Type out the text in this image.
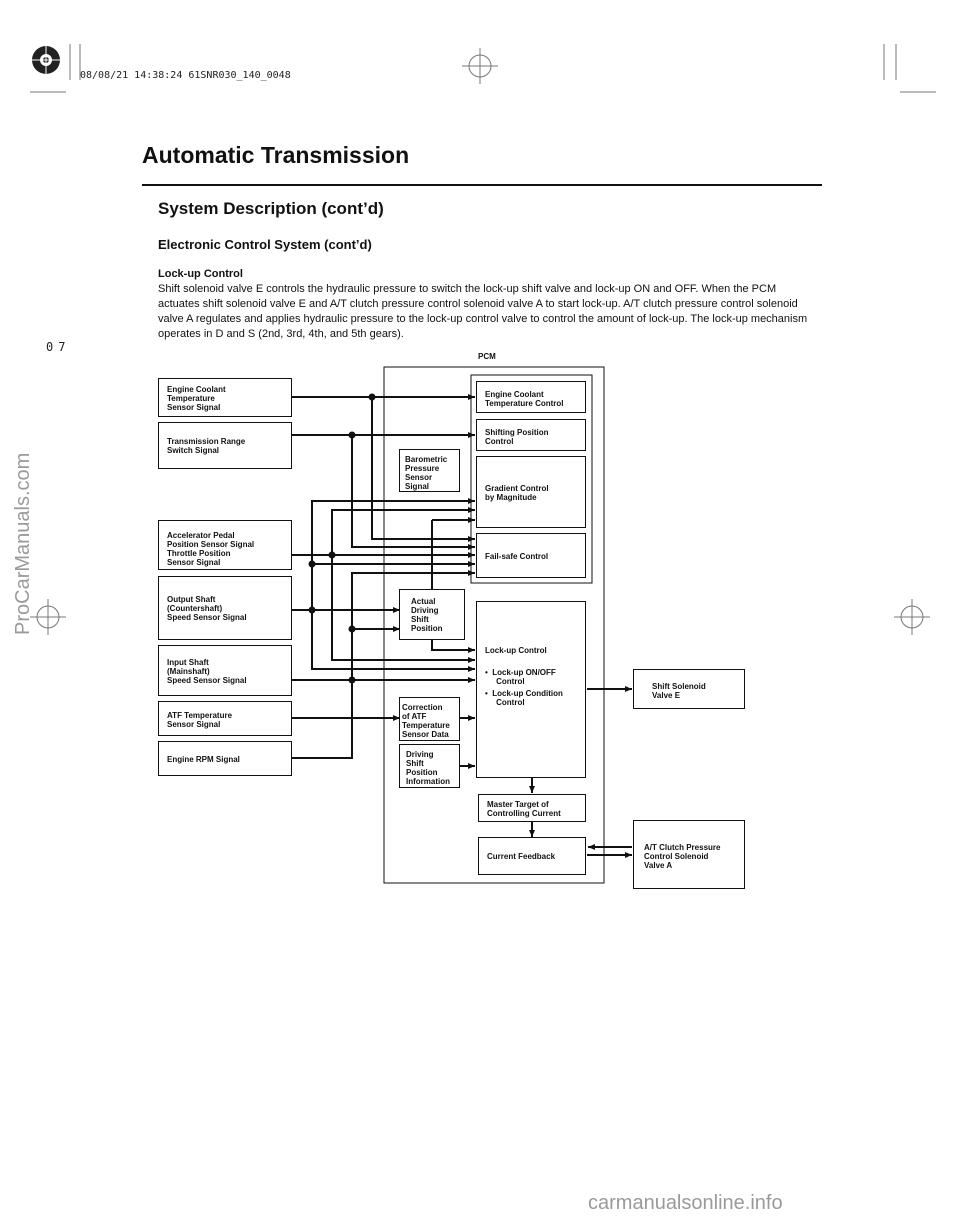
08/08/21 14:38:24 61SNR030_140_0048
07
Automatic Transmission
System Description (cont’d)
Electronic Control System (cont’d)
Lock-up Control
Shift solenoid valve E controls the hydraulic pressure to switch the lock-up shift valve and lock-up ON and OFF. When the PCM actuates shift solenoid valve E and A/T clutch pressure control solenoid valve A to start lock-up. A/T clutch pressure control solenoid valve A regulates and applies hydraulic pressure to the lock-up control valve to control the amount of lock-up. The lock-up mechanism operates in D and S (2nd, 3rd, 4th, and 5th gears).
PCM
Engine Coolant
Temperature
Sensor Signal
Transmission Range
Switch Signal
Accelerator Pedal
Position Sensor Signal
Throttle Position
Sensor Signal
Output Shaft
(Countershaft)
Speed Sensor Signal
Input Shaft
(Mainshaft)
Speed Sensor Signal
ATF Temperature
Sensor Signal
Engine RPM Signal
Engine Coolant
Temperature Control
Shifting Position
Control
Barometric
Pressure
Sensor
Signal	Gradient Control
by Magnitude
Fail-safe Control
Actual
Driving
Shift
Position
Lock-up Control
•  Lock-up ON/OFF
Control
•  Lock-up Condition
Control
Correction
of ATF
Temperature
Sensor Data
Driving
Shift
Position
Information
Master Target of
Controlling Current
Current Feedback
Shift Solenoid
Valve E
A/T Clutch Pressure
Control Solenoid
Valve A
ProCarManuals.com
carmanualsonline.info
